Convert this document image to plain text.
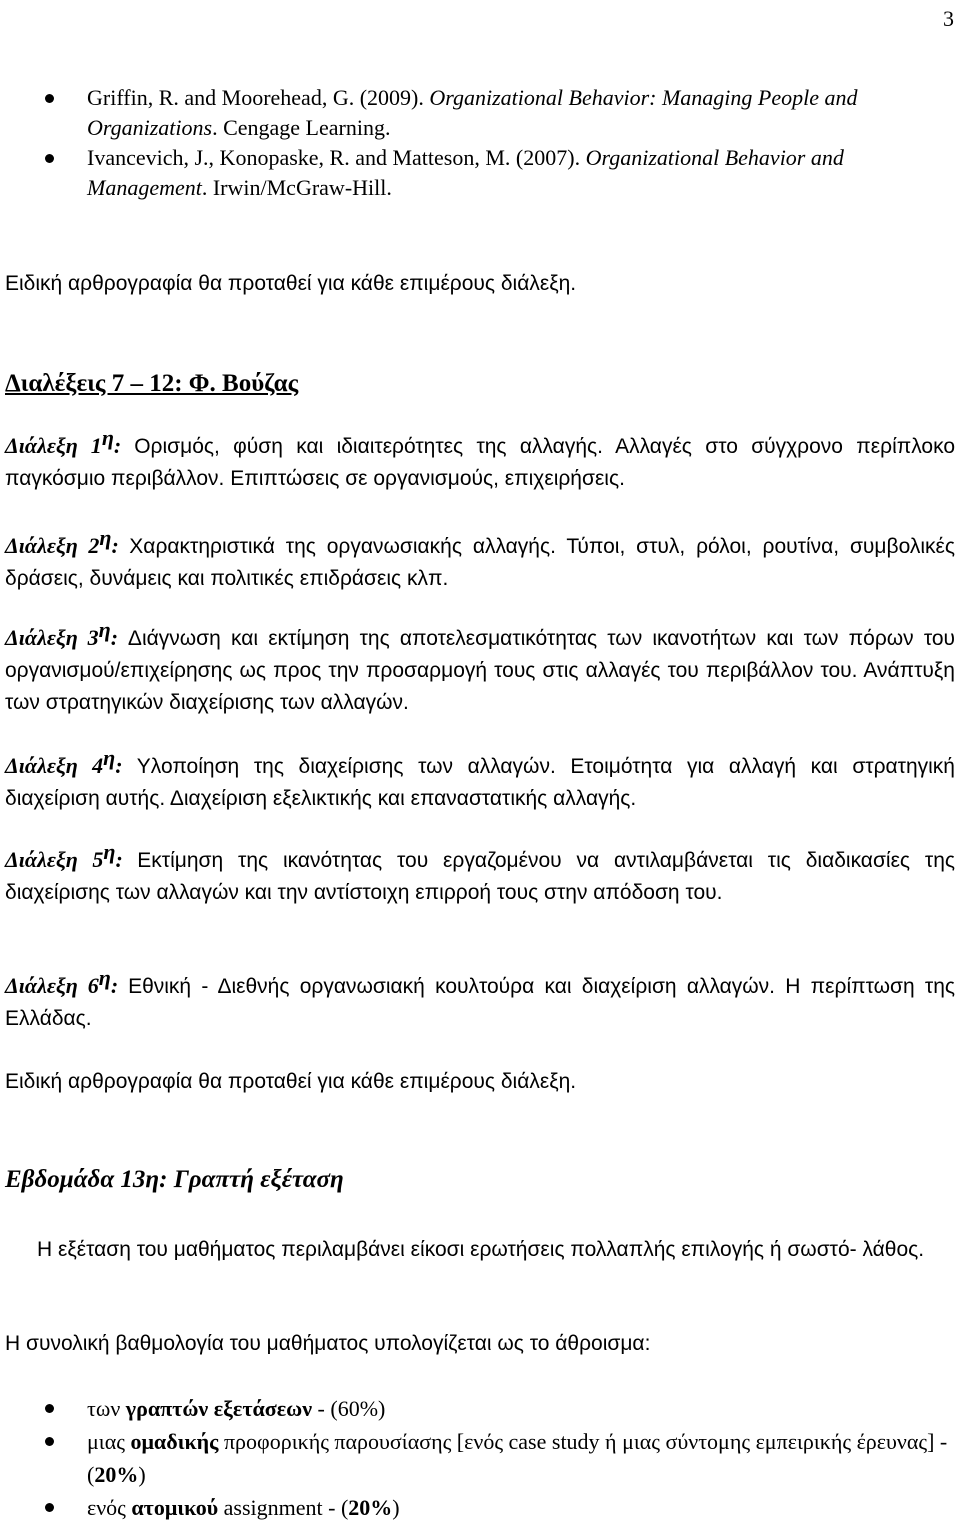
3
Griffin, R. and Moorehead, G. (2009). Organizational Behavior: Managing People and Organizations. Cengage Learning.
Ivancevich, J., Konopaske, R. and Matteson, M. (2007). Organizational Behavior and Management. Irwin/McGraw-Hill.

Ειδική αρθρογραφία θα προταθεί για κάθε επιμέρους διάλεξη.

Διαλέξεις 7 – 12: Φ. Βούζας

Διάλεξη $1^\eta$: Ορισμός, φύση και ιδιαιτερότητες της αλλαγής. Αλλαγές στο σύγχρονο περίπλοκο παγκόσμιο περιβάλλον. Επιπτώσεις σε οργανισμούς, επιχειρήσεις.

Διάλεξη $2^\eta$: Χαρακτηριστικά της οργανωσιακής αλλαγής. Τύποι, στυλ, ρόλοι, ρουτίνα, συμβολικές δράσεις, δυνάμεις και πολιτικές επιδράσεις κλπ.

Διάλεξη $3^\eta$: Διάγνωση και εκτίμηση της αποτελεσματικότητας των ικανοτήτων και των πόρων του οργανισμού/επιχείρησης ως προς την προσαρμογή τους στις αλλαγές του περιβάλλον του. Ανάπτυξη των στρατηγικών διαχείρισης των αλλαγών.

Διάλεξη $4^\eta$: Υλοποίηση της διαχείρισης των αλλαγών. Ετοιμότητα για αλλαγή και στρατηγική διαχείριση αυτής. Διαχείριση εξελικτικής και επαναστατικής αλλαγής.

Διάλεξη $5^\eta$: Εκτίμηση της ικανότητας του εργαζομένου να αντιλαμβάνεται τις διαδικασίες της διαχείρισης των αλλαγών και την αντίστοιχη επιρροή τους στην απόδοση του.

Διάλεξη $6^\eta$: Εθνική - Διεθνής οργανωσιακή κουλτούρα και διαχείριση αλλαγών. Η περίπτωση της Ελλάδας.

Ειδική αρθρογραφία θα προταθεί για κάθε επιμέρους διάλεξη.

Εβδομάδα 13η: Γραπτή εξέταση

Η εξέταση του μαθήματος περιλαμβάνει είκοσι ερωτήσεις πολλαπλής επιλογής ή σωστό- λάθος.

Η συνολική βαθμολογία του μαθήματος υπολογίζεται ως το άθροισμα:

των γραπτών εξετάσεων - (60%)
μιας ομαδικής προφορικής παρουσίασης [ενός case study ή μιας σύντομης εμπειρικής έρευνας] - (20%)
ενός ατομικού assignment - (20%)
